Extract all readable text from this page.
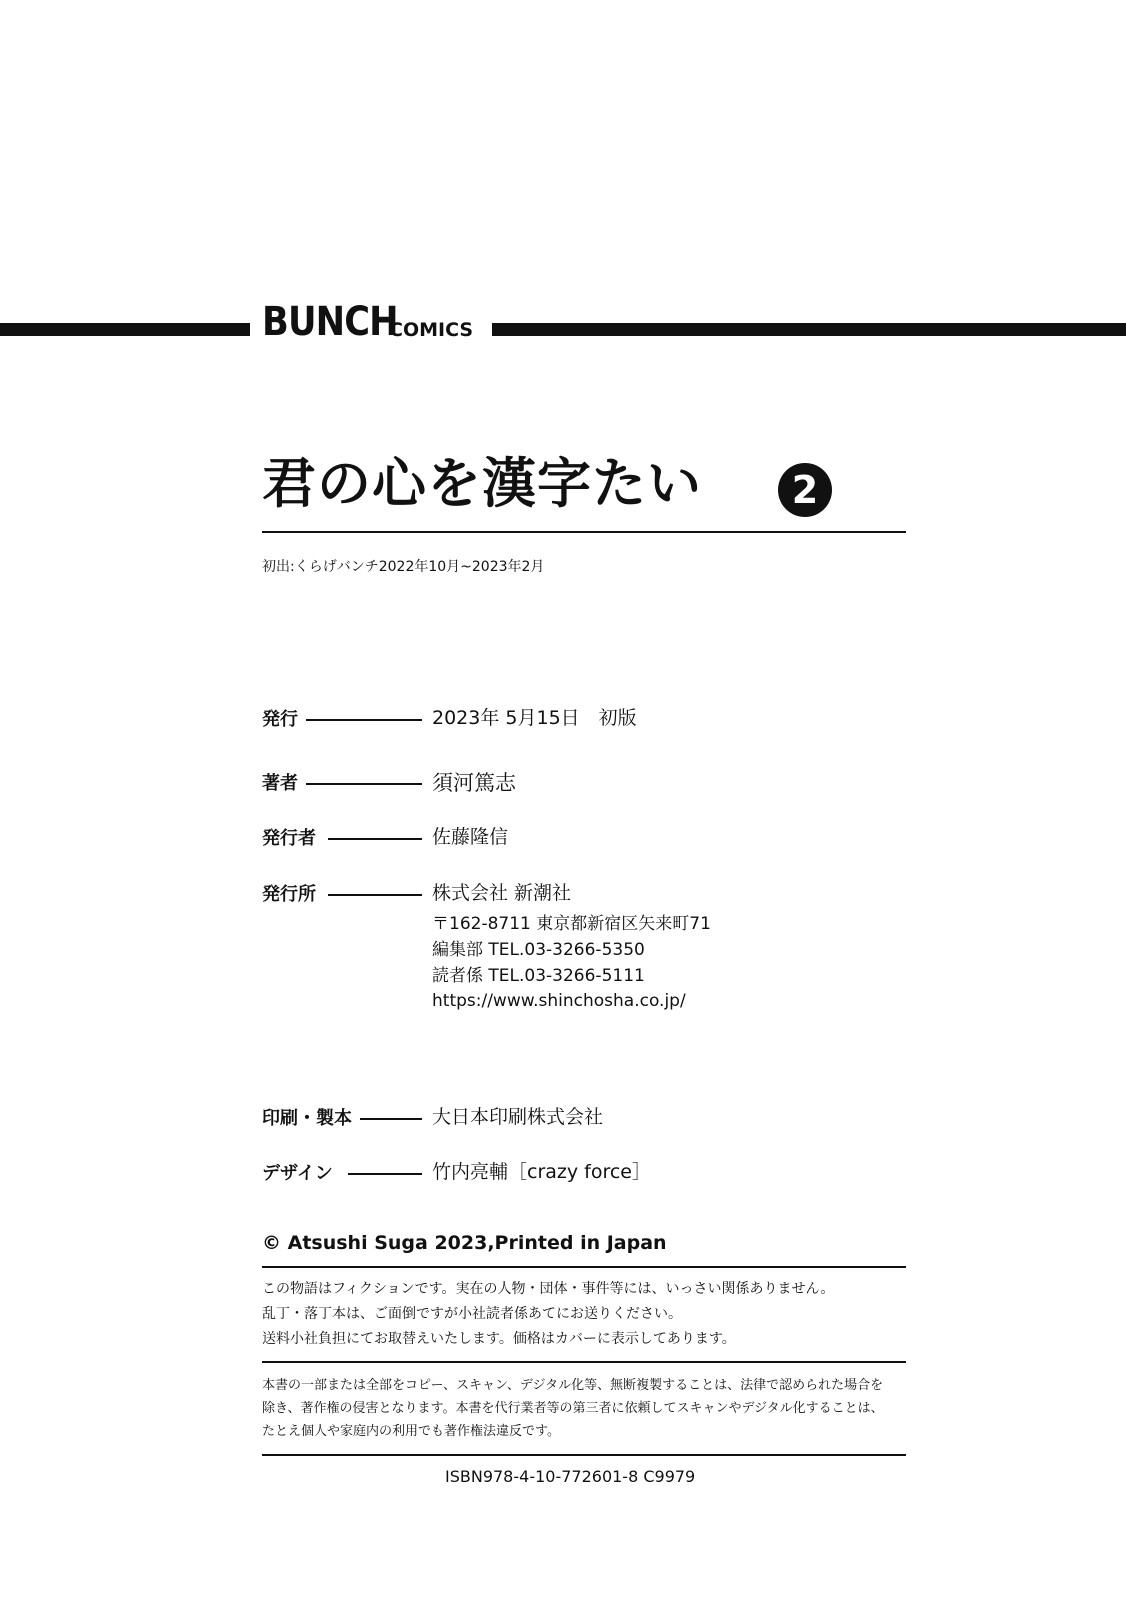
BUNCH
COMICS
君の心を漢字たい	2
初出:くらげバンチ2022年10月~2023年2月
発行	2023年 5月15日　初版
著者	須河篤志
発行者	佐藤隆信
発行所	株式会社 新潮社
〒162-8711 東京都新宿区矢来町71
編集部 TEL.03-3266-5350
読者係 TEL.03-3266-5111
https://www.shinchosha.co.jp/
印刷・製本	大日本印刷株式会社
デザイン	竹内亮輔［crazy force］
© Atsushi Suga 2023,Printed in Japan
この物語はフィクションです。実在の人物・団体・事件等には、いっさい関係ありません。
乱丁・落丁本は、ご面倒ですが小社読者係あてにお送りください。
送料小社負担にてお取替えいたします。価格はカバーに表示してあります。
本書の一部または全部をコピー、スキャン、デジタル化等、無断複製することは、法律で認められた場合を
除き、著作権の侵害となります。本書を代行業者等の第三者に依頼してスキャンやデジタル化することは、
たとえ個人や家庭内の利用でも著作権法違反です。
ISBN978-4-10-772601-8 C9979
